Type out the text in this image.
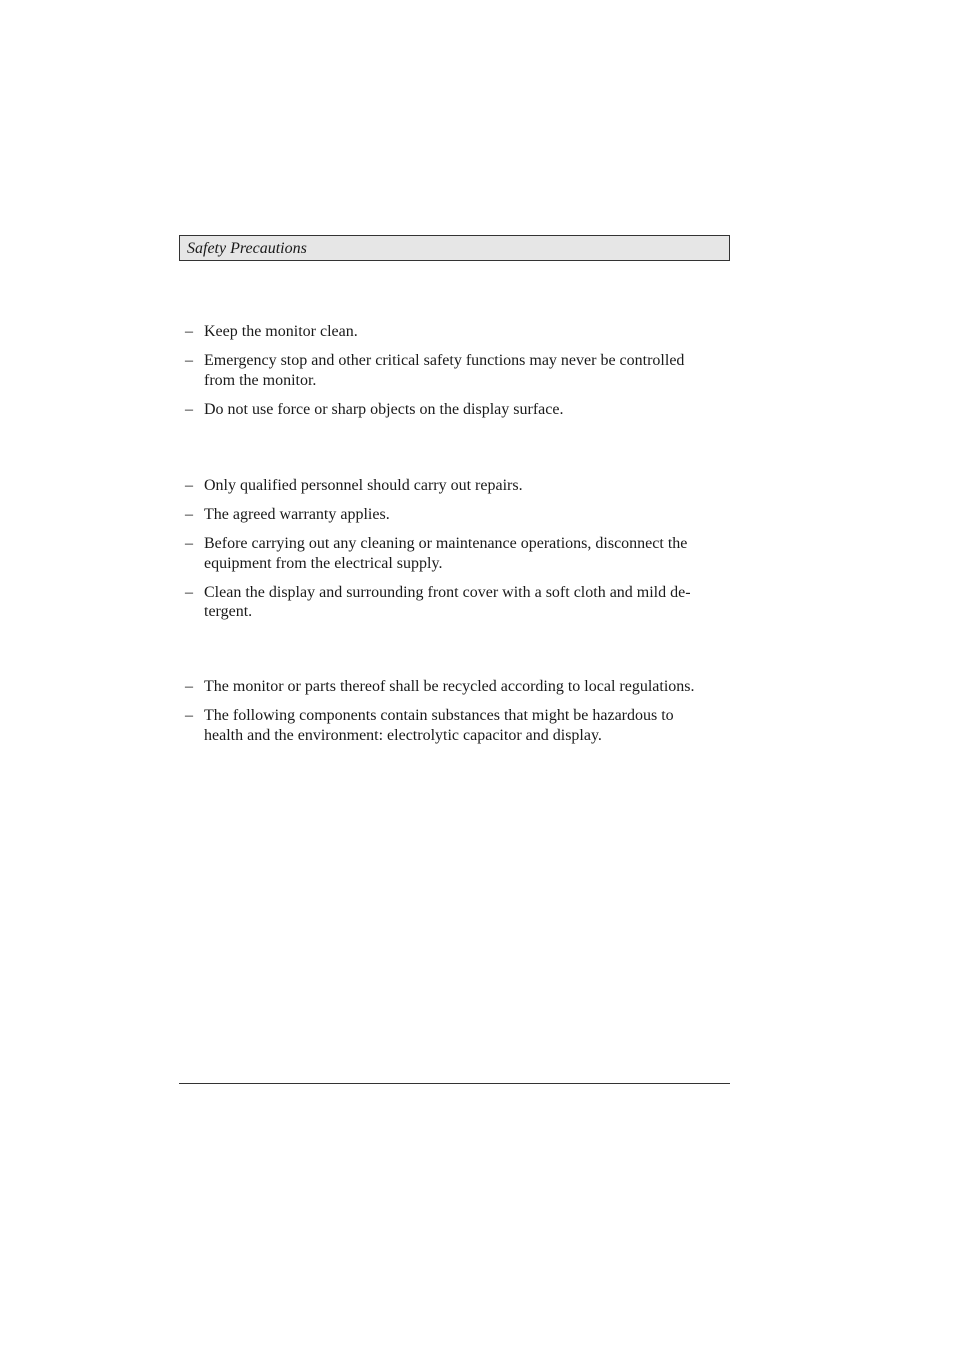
Safety Precautions
– Keep the monitor clean.
– Emergency stop and other critical safety functions may never be controlled
from the monitor.
– Do not use force or sharp objects on the display surface.
– Only qualified personnel should carry out repairs.
– The agreed warranty applies.
– Before carrying out any cleaning or maintenance operations, disconnect the
equipment from the electrical supply.
– Clean the display and surrounding front cover with a soft cloth and mild de-
tergent.
– The monitor or parts thereof shall be recycled according to local regulations.
– The following components contain substances that might be hazardous to
health and the environment: electrolytic capacitor and display.
